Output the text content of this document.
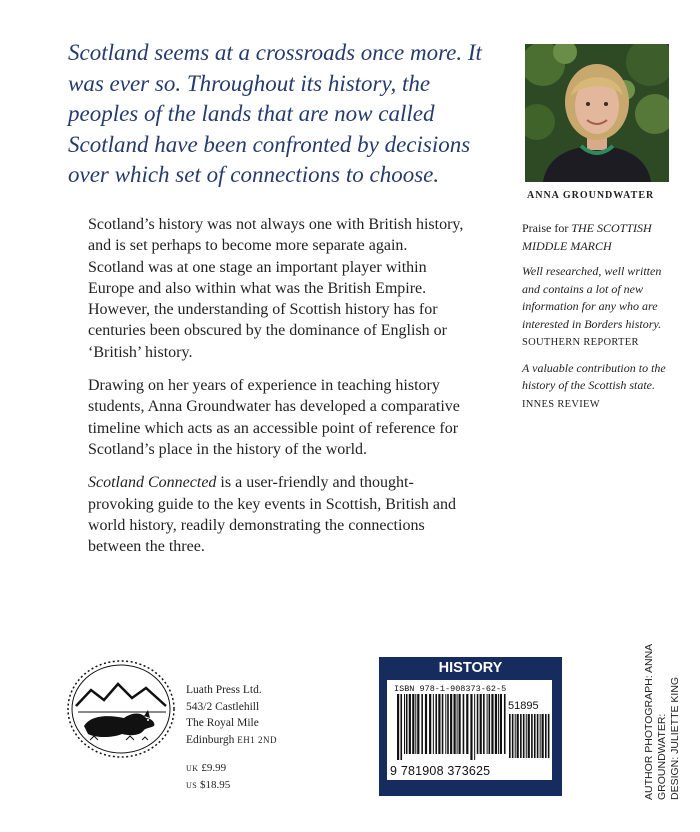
Scotland seems at a crossroads once more. It was ever so. Throughout its history, the peoples of the lands that are now called Scotland have been confronted by decisions over which set of connections to choose.

ANNA GROUNDWATER

Scotland’s history was not always one with British history, and is set perhaps to become more separate again. Scotland was at one stage an important player within Europe and also within what was the British Empire. However, the understanding of Scottish history has for centuries been obscured by the dominance of English or ‘British’ history.

Drawing on her years of experience in teaching history students, Anna Groundwater has developed a comparative timeline which acts as an accessible point of reference for Scotland’s place in the history of the world.

Scotland Connected is a user-friendly and thought-provoking guide to the key events in Scottish, British and world history, readily demonstrating the connections between the three.

Praise for THE SCOTTISH MIDDLE MARCH

Well researched, well written and contains a lot of new information for any who are interested in Borders history.
SOUTHERN REPORTER

A valuable contribution to the history of the Scottish state. INNES REVIEW

Luath Press Ltd.
543/2 Castlehill
The Royal Mile
Edinburgh EH1 2ND
UK £9.99
US $18.95
HISTORY
ISBN 978-1-908373-62-5
51895
9 781908 373625	AUTHOR PHOTOGRAPH: ANNA GROUNDWATER: DESIGN: JULIETTE KING
